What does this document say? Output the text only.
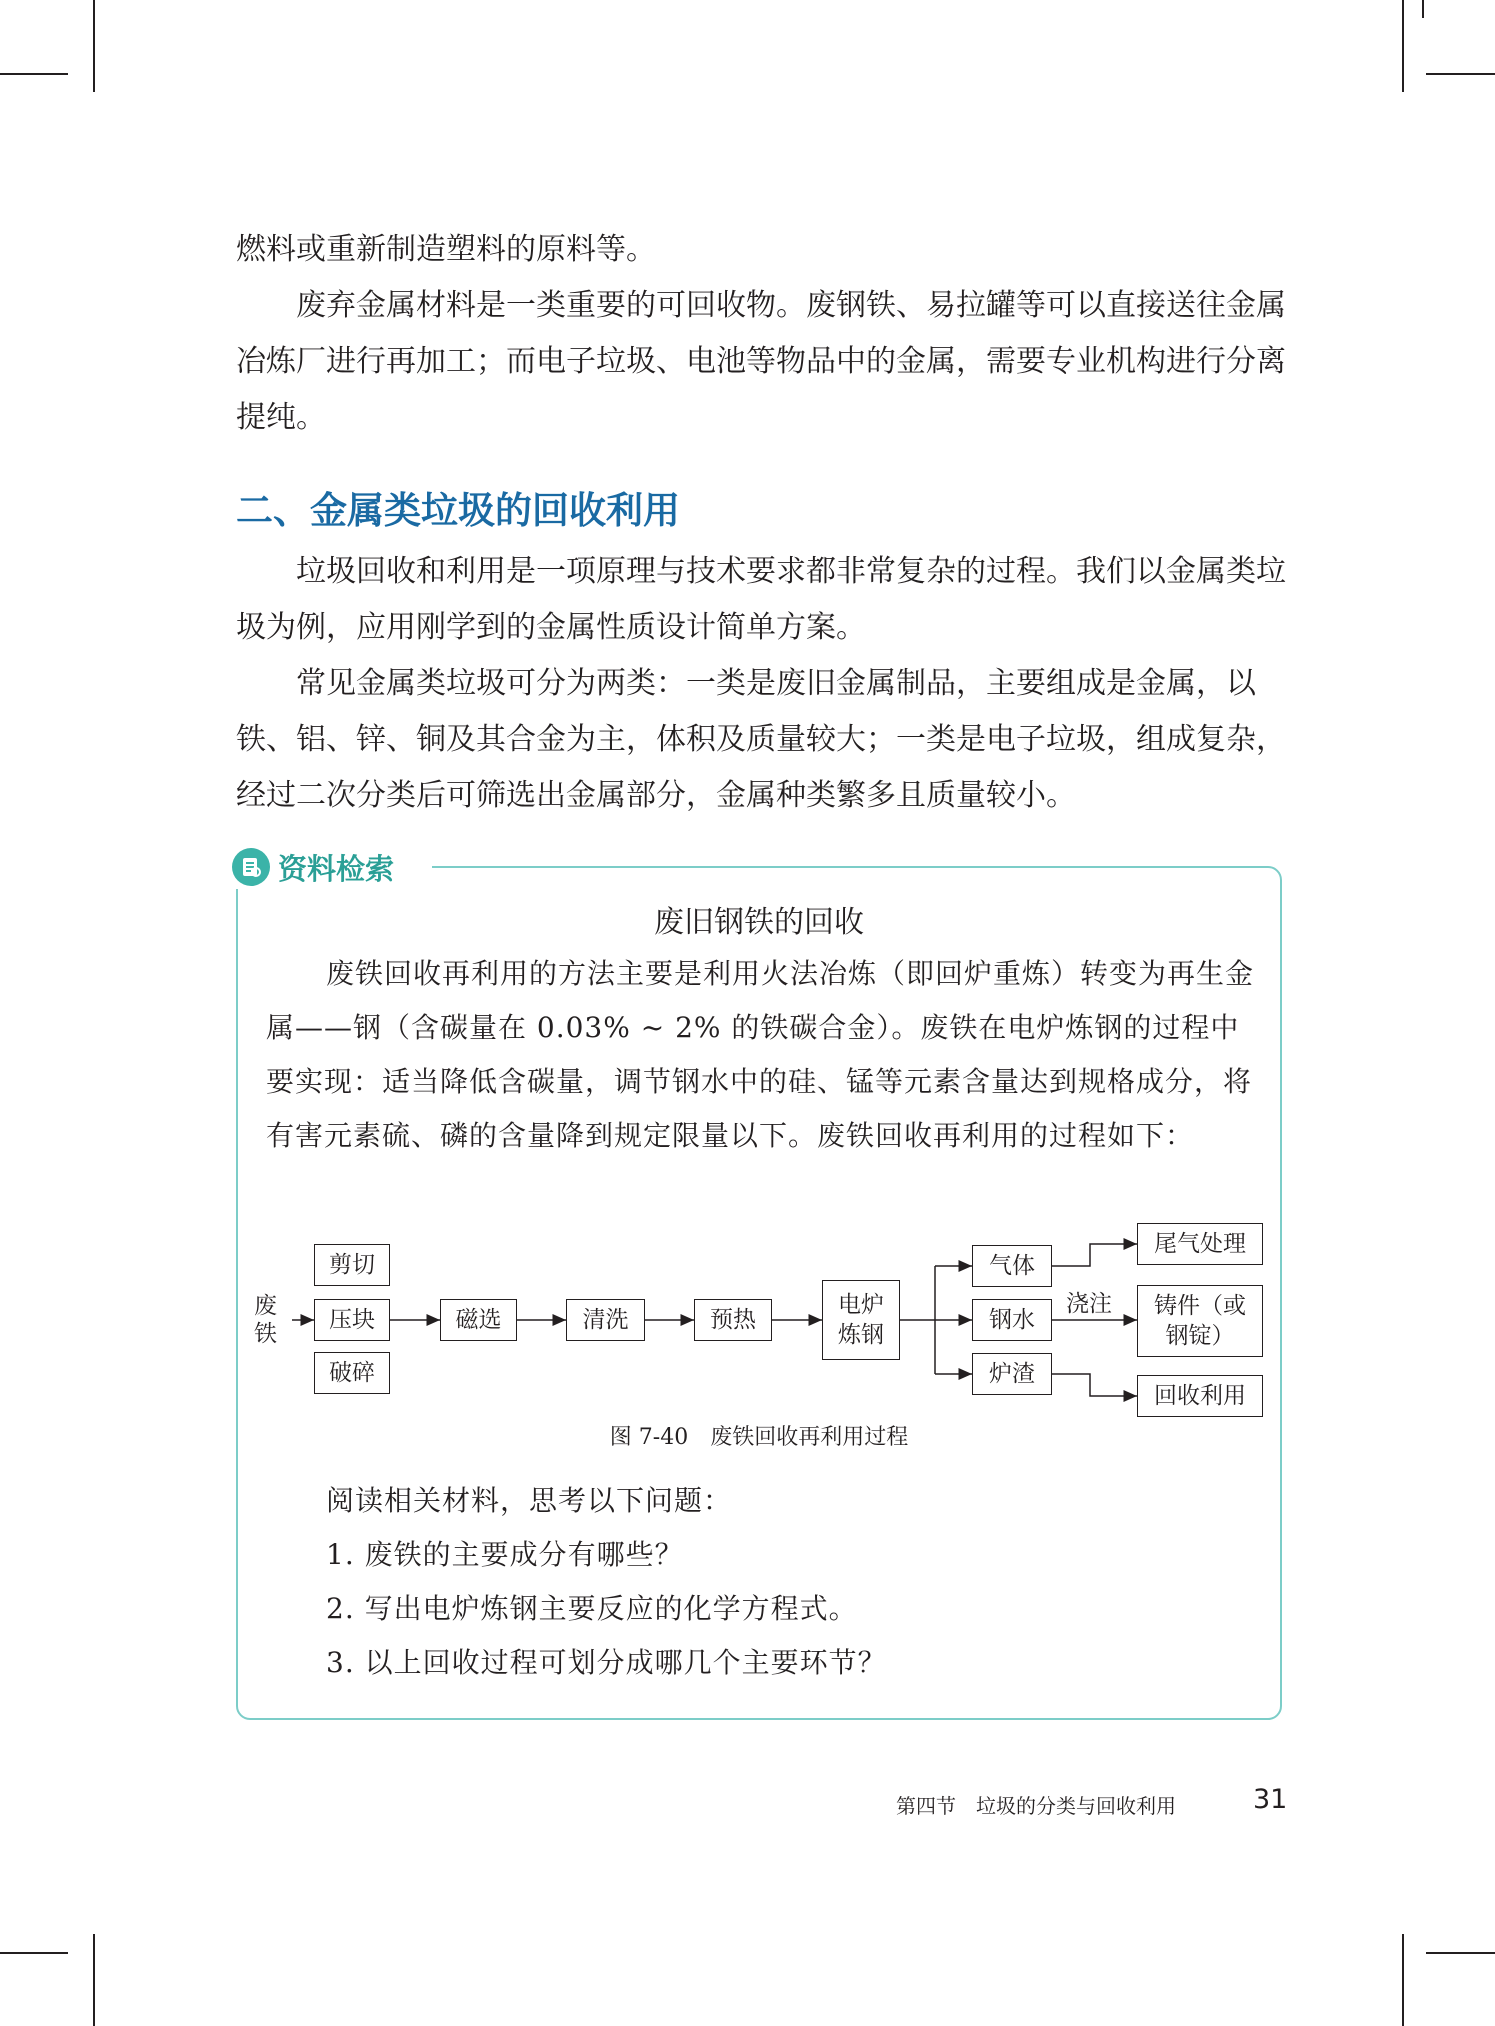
燃料或重新制造塑料的原料等。

废弃金属材料是一类重要的可回收物。废钢铁、易拉罐等可以直接送往金属冶炼厂进行再加工；而电子垃圾、电池等物品中的金属，需要专业机构进行分离提纯。

二、金属类垃圾的回收利用

垃圾回收和利用是一项原理与技术要求都非常复杂的过程。我们以金属类垃圾为例，应用刚学到的金属性质设计简单方案。

常见金属类垃圾可分为两类：一类是废旧金属制品，主要组成是金属，以铁、铝、锌、铜及其合金为主，体积及质量较大；一类是电子垃圾，组成复杂，经过二次分类后可筛选出金属部分，金属种类繁多且质量较小。

资料检索

废旧钢铁的回收

废铁回收再利用的方法主要是利用火法冶炼（即回炉重炼）转变为再生金属——钢（含碳量在 0.03% ~ 2% 的铁碳合金）。废铁在电炉炼钢的过程中要实现：适当降低含碳量，调节钢水中的硅、锰等元素含量达到规格成分，将有害元素硫、磷的含量降到规定限量以下。废铁回收再利用的过程如下：

废铁
剪切
压块
破碎
磁选	清洗	预热
电炉炼钢
气体
钢水
炉渣
浇注
尾气处理
铸件（或钢锭）
回收利用

图 7-40　废铁回收再利用过程

阅读相关材料，思考以下问题：

1. 废铁的主要成分有哪些？

2. 写出电炉炼钢主要反应的化学方程式。

3. 以上回收过程可划分成哪几个主要环节？

第四节　垃圾的分类与回收利用	31
